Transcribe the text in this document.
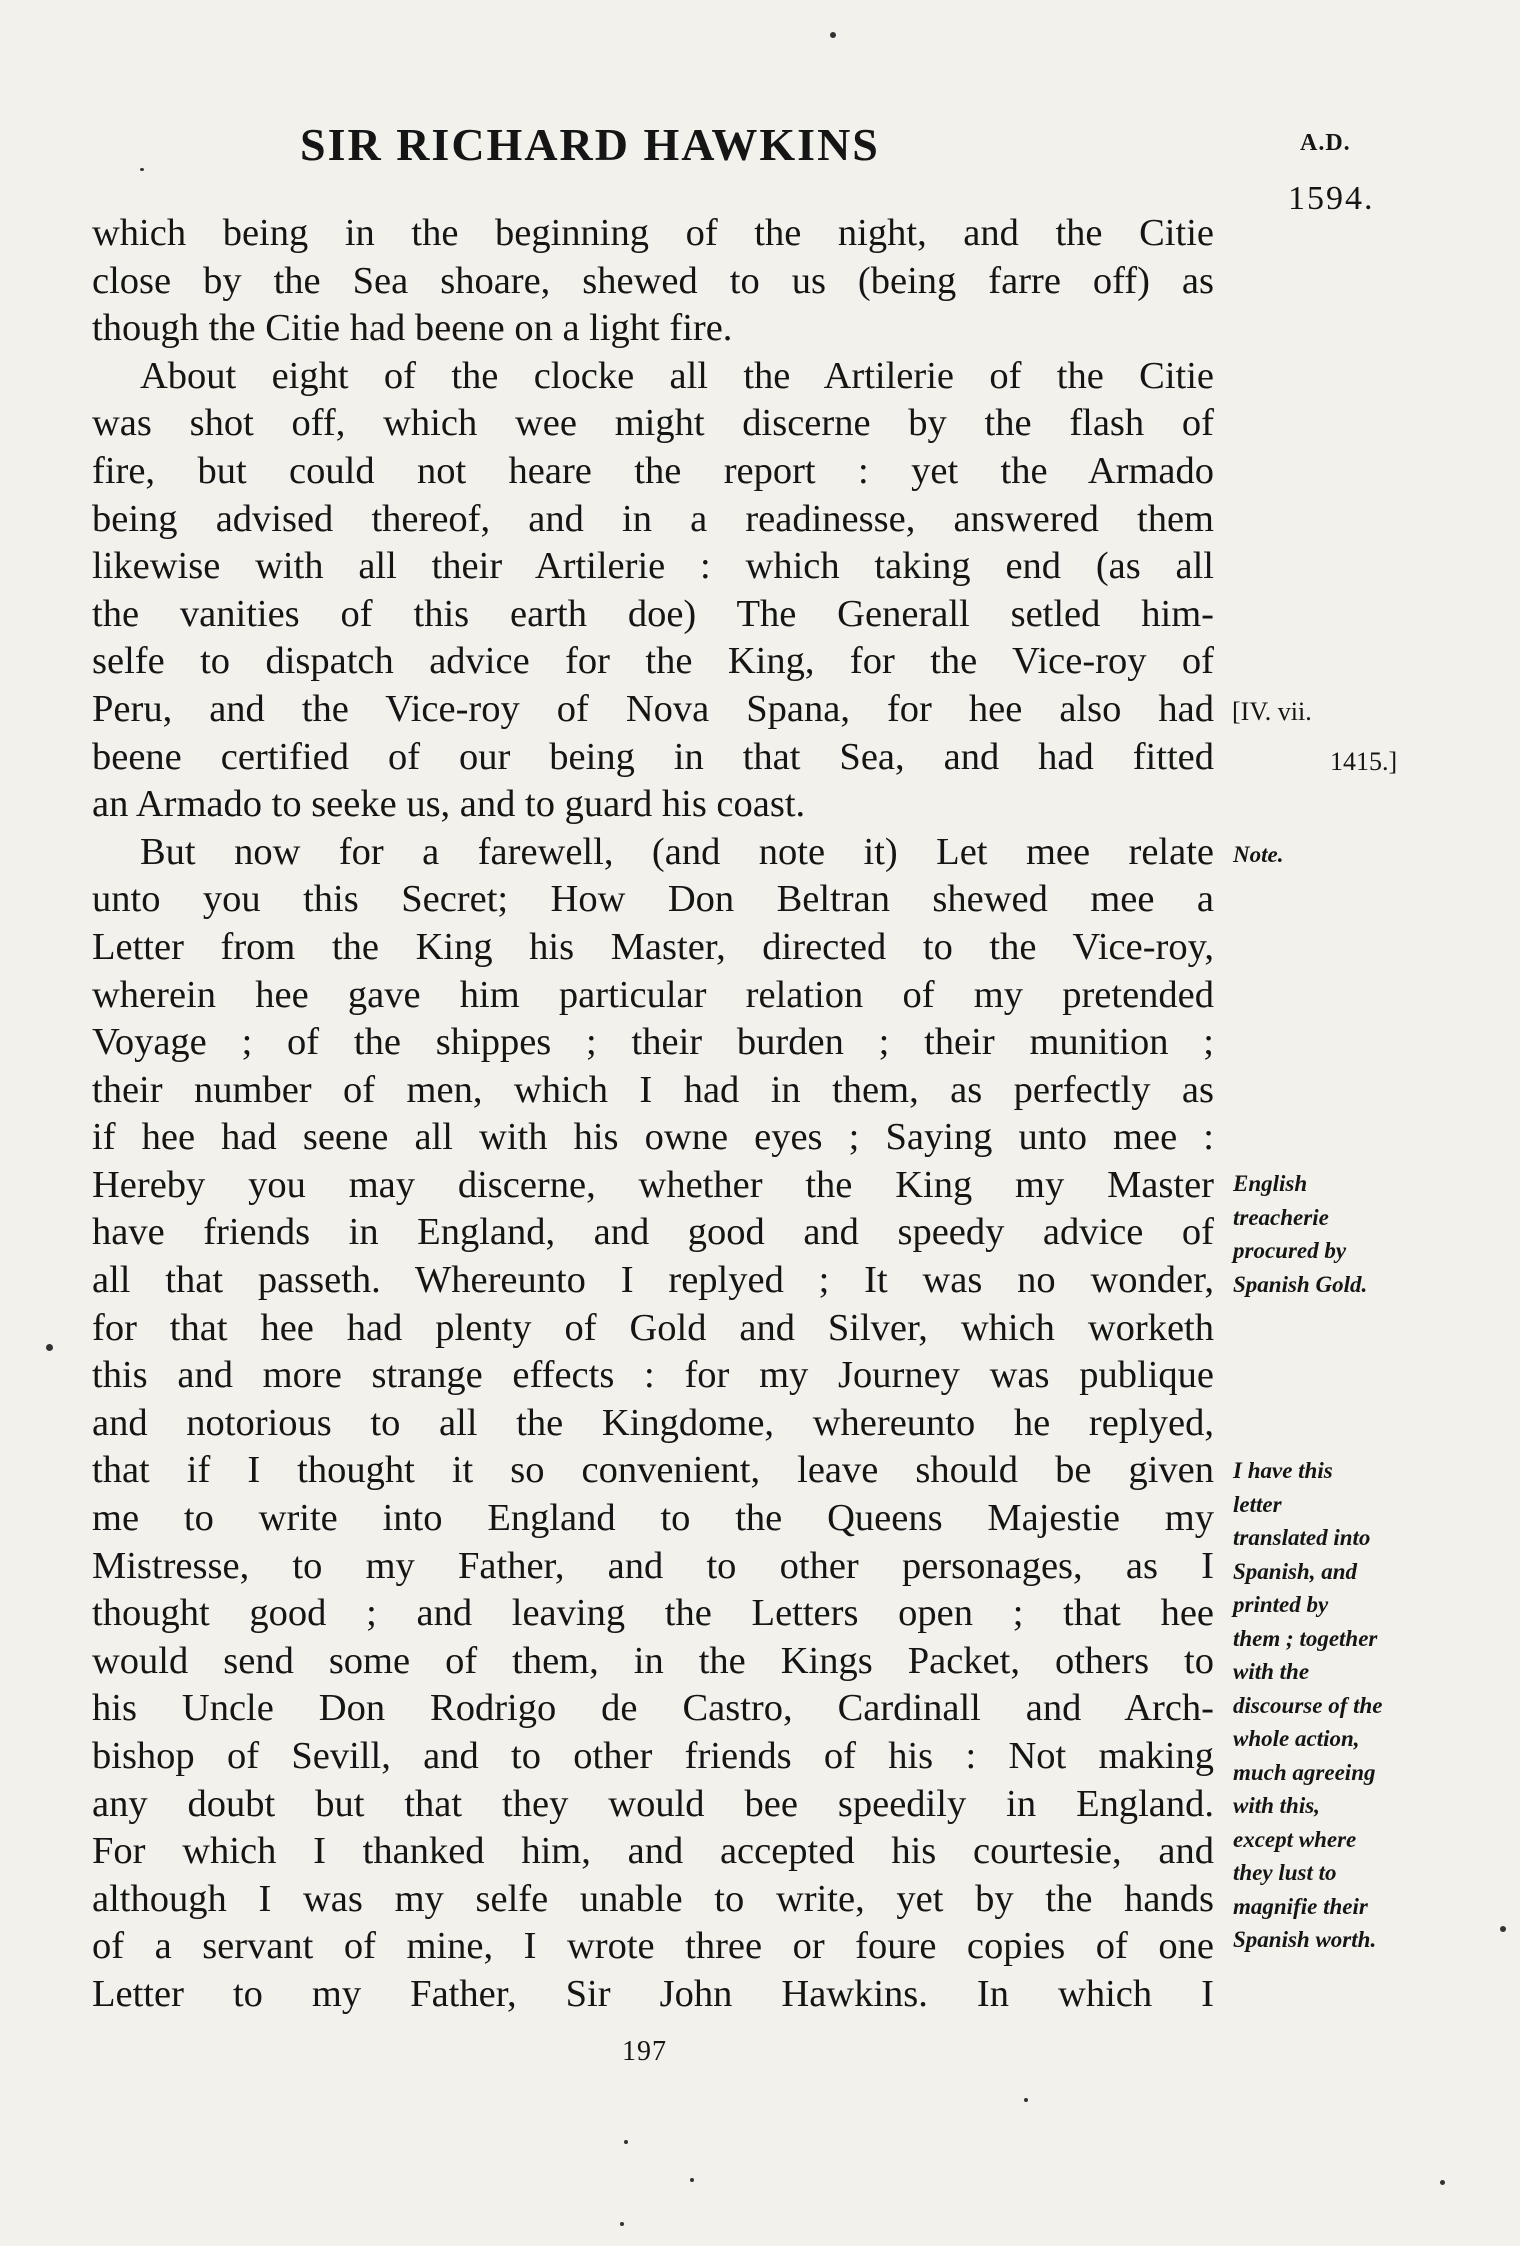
SIR RICHARD HAWKINS	A.D.
1594.
which being in the beginning of the night, and the Citie
close by the Sea shoare, shewed to us (being farre off) as
though the Citie had beene on a light fire.
About eight of the clocke all the Artilerie of the Citie
was shot off, which wee might discerne by the flash of
fire, but could not heare the report : yet the Armado
being advised thereof, and in a readinesse, answered them
likewise with all their Artilerie : which taking end (as all
the vanities of this earth doe) The Generall setled him-
selfe to dispatch advice for the King, for the Vice-roy of
Peru, and the Vice-roy of Nova Spana, for hee also had
beene certified of our being in that Sea, and had fitted
an Armado to seeke us, and to guard his coast.
But now for a farewell, (and note it) Let mee relate
unto you this Secret; How Don Beltran shewed mee a
Letter from the King his Master, directed to the Vice-roy,
wherein hee gave him particular relation of my pretended
Voyage ; of the shippes ; their burden ; their munition ;
their number of men, which I had in them, as perfectly as
if hee had seene all with his owne eyes ; Saying unto mee :
Hereby you may discerne, whether the King my Master
have friends in England, and good and speedy advice of
all that passeth. Whereunto I replyed ; It was no wonder,
for that hee had plenty of Gold and Silver, which worketh
this and more strange effects : for my Journey was publique
and notorious to all the Kingdome, whereunto he replyed,
that if I thought it so convenient, leave should be given
me to write into England to the Queens Majestie my
Mistresse, to my Father, and to other personages, as I
thought good ; and leaving the Letters open ; that hee
would send some of them, in the Kings Packet, others to
his Uncle Don Rodrigo de Castro, Cardinall and Arch-
bishop of Sevill, and to other friends of his : Not making
any doubt but that they would bee speedily in England.
For which I thanked him, and accepted his courtesie, and
although I was my selfe unable to write, yet by the hands
of a servant of mine, I wrote three or foure copies of one
Letter to my Father, Sir John Hawkins. In which I
[IV. vii.
1415.]
Note.
English
treacherie
procured by
Spanish Gold.
I have this
letter
translated into
Spanish, and
printed by
them ; together
with the
discourse of the
whole action,
much agreeing
with this,
except where
they lust to
magnifie their
Spanish worth.
197
